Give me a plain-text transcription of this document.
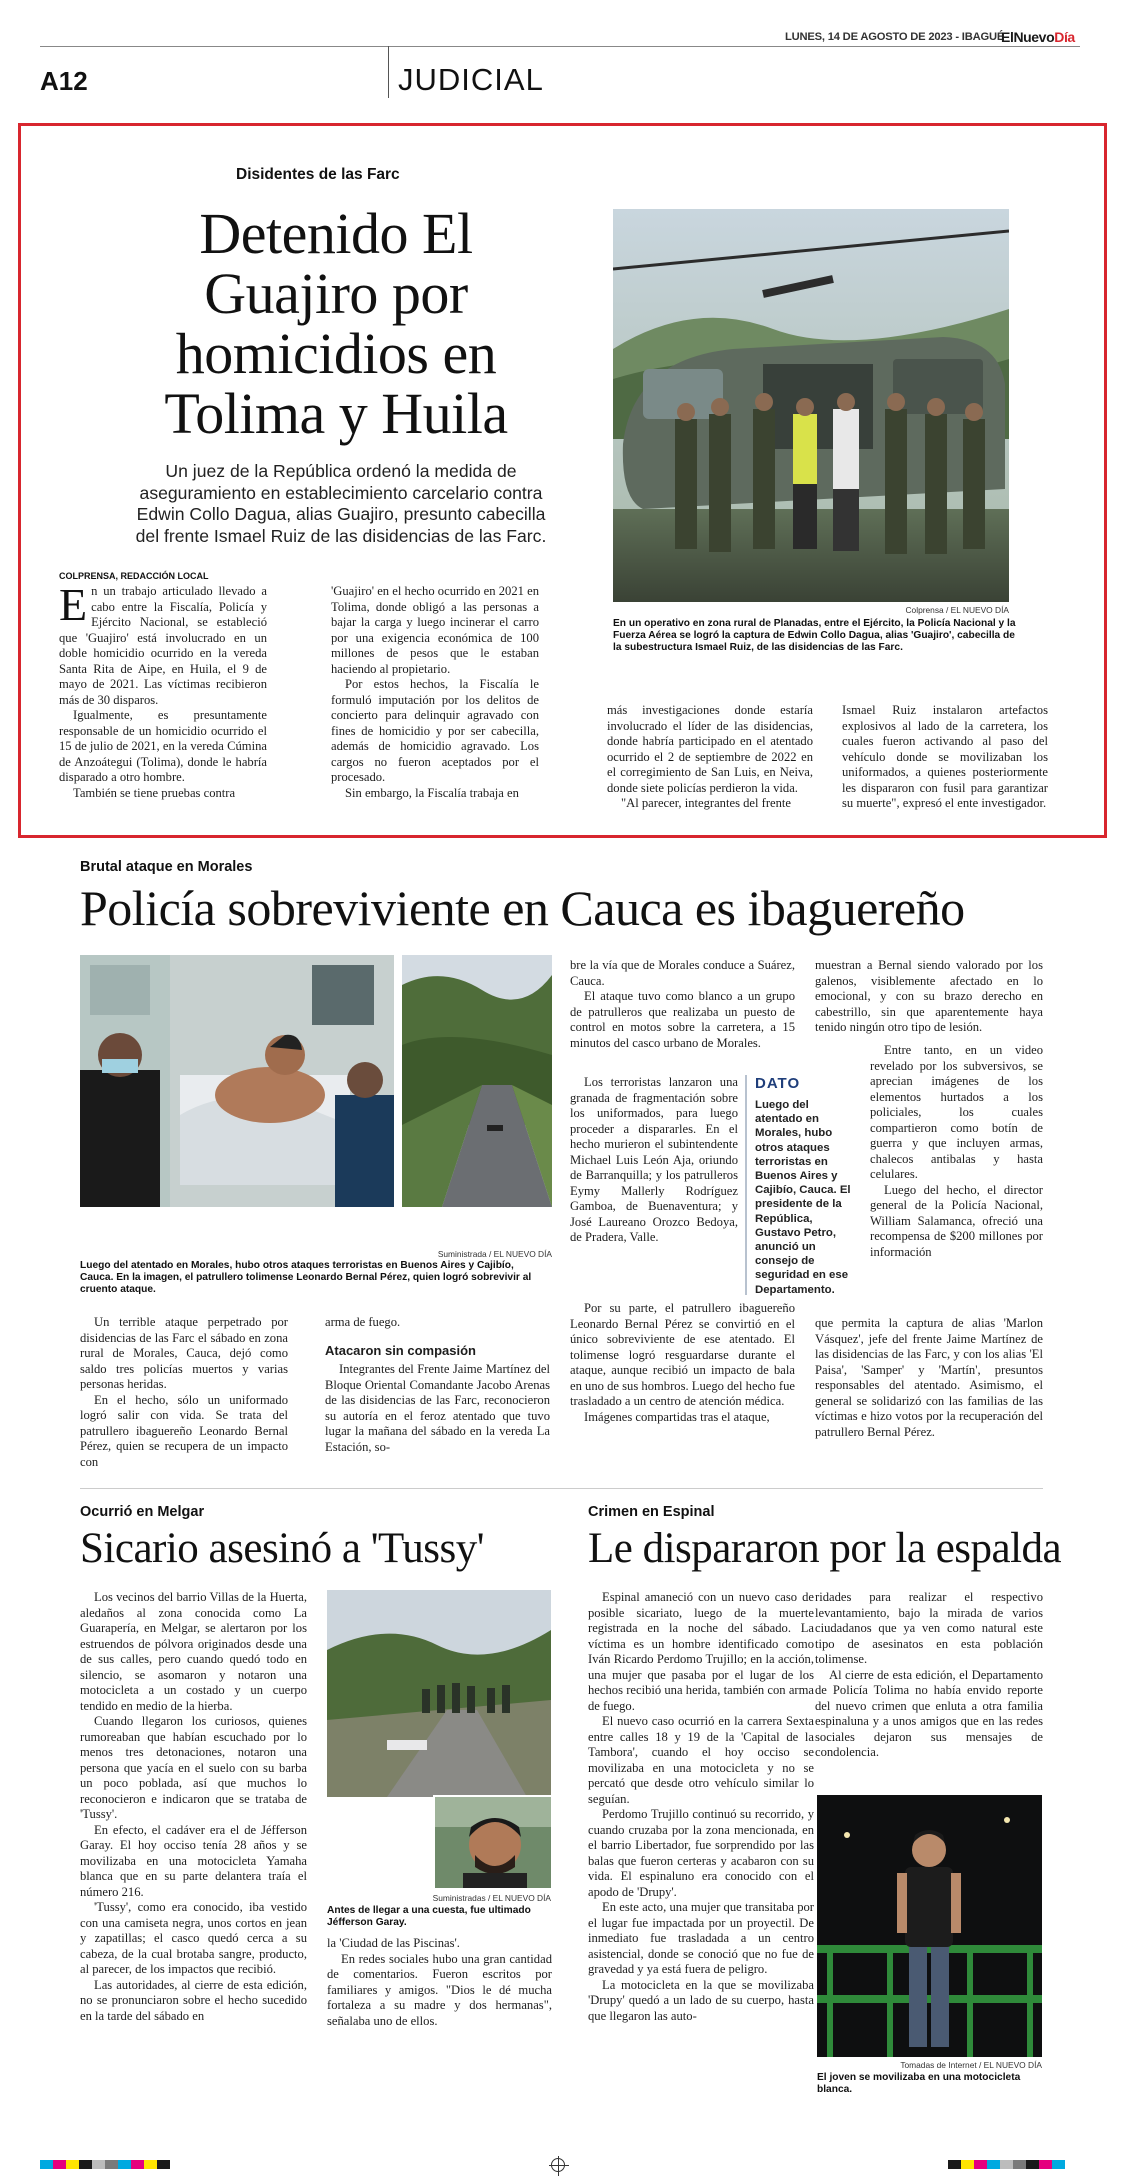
LUNES, 14 DE AGOSTO DE 2023 - IBAGUÉ
ElNuevoDía
A12	JUDICIAL
Disidentes de las Farc
Detenido El Guajiro por homicidios en Tolima y Huila
Un juez de la República ordenó la medida de aseguramiento en establecimiento carcelario contra Edwin Collo Dagua, alias Guajiro, presunto cabecilla del frente Ismael Ruiz de las disidencias de las Farc.
Colprensa / EL NUEVO DÍA
En un operativo en zona rural de Planadas, entre el Ejército, la Policía Nacional y la Fuerza Aérea se logró la captura de Edwin Collo Dagua, alias 'Guajiro', cabecilla de la subestructura Ismael Ruiz, de las disidencias de las Farc.
COLPRENSA, REDACCIÓN LOCAL

En un trabajo articulado llevado a cabo entre la Fiscalía, Policía y Ejército Nacional, se estableció que 'Guajiro' está involucrado en un doble homicidio ocurrido en la vereda Santa Rita de Aipe, en Huila, el 9 de mayo de 2021. Las víctimas recibieron más de 30 disparos.

Igualmente, es presuntamente responsable de un homicidio ocurrido el 15 de julio de 2021, en la vereda Cúmina de Anzoátegui (Tolima), donde le habría disparado a otro hombre.

También se tiene pruebas contra

'Guajiro' en el hecho ocurrido en 2021 en Tolima, donde obligó a las personas a bajar la carga y luego incinerar el carro por una exigencia económica de 100 millones de pesos que le estaban haciendo al propietario.

Por estos hechos, la Fiscalía le formuló imputación por los delitos de concierto para delinquir agravado con fines de homicidio y por ser cabecilla, además de homicidio agravado. Los cargos no fueron aceptados por el procesado.

Sin embargo, la Fiscalía trabaja en

más investigaciones donde estaría involucrado el líder de las disidencias, donde habría participado en el atentado ocurrido el 2 de septiembre de 2022 en el corregimiento de San Luis, en Neiva, donde siete policías perdieron la vida.

"Al parecer, integrantes del frente

Ismael Ruiz instalaron artefactos explosivos al lado de la carretera, los cuales fueron activando al paso del vehículo donde se movilizaban los uniformados, a quienes posteriormente les dispararon con fusil para garantizar su muerte", expresó el ente investigador.

Brutal ataque en Morales
Policía sobreviviente en Cauca es ibaguereño
Suministrada / EL NUEVO DÍA
Luego del atentado en Morales, hubo otros ataques terroristas en Buenos Aires y Cajibío, Cauca. En la imagen, el patrullero tolimense Leonardo Bernal Pérez, quien logró sobrevivir al cruento ataque.

Un terrible ataque perpetrado por disidencias de las Farc el sábado en zona rural de Morales, Cauca, dejó como saldo tres policías muertos y varias personas heridas.

En el hecho, sólo un uniformado logró salir con vida. Se trata del patrullero ibaguereño Leonardo Bernal Pérez, quien se recupera de un impacto con

arma de fuego.

Atacaron sin compasión

Integrantes del Frente Jaime Martínez del Bloque Oriental Comandante Jacobo Arenas de las disidencias de las Farc, reconocieron su autoría en el feroz atentado que tuvo lugar la mañana del sábado en la vereda La Estación, so-

bre la vía que de Morales conduce a Suárez, Cauca.

El ataque tuvo como blanco a un grupo de patrulleros que realizaba un puesto de control en motos sobre la carretera, a 15 minutos del casco urbano de Morales.

Los terroristas lanzaron una granada de fragmentación sobre los uniformados, para luego proceder a dispararles. En el hecho murieron el subintendente Michael Luis León Aja, oriundo de Barranquilla; y los patrulleros Eymy Mallerly Rodríguez Gamboa, de Buenaventura; y José Laureano Orozco Bedoya, de Pradera, Valle.

Por su parte, el patrullero ibaguereño Leonardo Bernal Pérez se convirtió en el único sobreviviente de ese atentado. El tolimense logró resguardarse durante el ataque, aunque recibió un impacto de bala en uno de sus hombros. Luego del hecho fue trasladado a un centro de atención médica.

Imágenes compartidas tras el ataque,

DATO
Luego del atentado en Morales, hubo otros ataques terroristas en Buenos Aires y Cajibío, Cauca. El presidente de la República, Gustavo Petro, anunció un consejo de seguridad en ese Departamento.

muestran a Bernal siendo valorado por los galenos, visiblemente afectado en lo emocional, y con su brazo derecho en cabestrillo, sin que aparentemente haya tenido ningún otro tipo de lesión.

Entre tanto, en un video revelado por los subversivos, se aprecian imágenes de los elementos hurtados a los policiales, los cuales compartieron como botín de guerra y que incluyen armas, chalecos antibalas y hasta celulares.

Luego del hecho, el director general de la Policía Nacional, William Salamanca, ofreció una recompensa de $200 millones por información

que permita la captura de alias 'Marlon Vásquez', jefe del frente Jaime Martínez de las disidencias de las Farc, y con los alias 'El Paisa', 'Samper' y 'Martín', presuntos responsables del atentado. Asimismo, el general se solidarizó con las familias de las víctimas e hizo votos por la recuperación del patrullero Bernal Pérez.

Ocurrió en Melgar
Sicario asesinó a 'Tussy'

Los vecinos del barrio Villas de la Huerta, aledaños al zona conocida como La Guarapería, en Melgar, se alertaron por los estruendos de pólvora originados desde una de sus calles, pero cuando quedó todo en silencio, se asomaron y notaron una motocicleta a un costado y un cuerpo tendido en medio de la hierba.

Cuando llegaron los curiosos, quienes rumoreaban que habían escuchado por lo menos tres detonaciones, notaron una persona que yacía en el suelo con su barba un poco poblada, así que muchos lo reconocieron e indicaron que se trataba de 'Tussy'.

En efecto, el cadáver era el de Jéfferson Garay. El hoy occiso tenía 28 años y se movilizaba en una motocicleta Yamaha blanca que en su parte delantera traía el número 216.

'Tussy', como era conocido, iba vestido con una camiseta negra, unos cortos en jean y zapatillas; el casco quedó cerca a su cabeza, de la cual brotaba sangre, producto, al parecer, de los impactos que recibió.

Las autoridades, al cierre de esta edición, no se pronunciaron sobre el hecho sucedido en la tarde del sábado en

Suministradas / EL NUEVO DÍA
Antes de llegar a una cuesta, fue ultimado Jéfferson Garay.

la 'Ciudad de las Piscinas'.

En redes sociales hubo una gran cantidad de comentarios. Fueron escritos por familiares y amigos. "Dios le dé mucha fortaleza a su madre y dos hermanas", señalaba uno de ellos.

Crimen en Espinal
Le dispararon por la espalda

Espinal amaneció con un nuevo caso de posible sicariato, luego de la muerte registrada en la noche del sábado. La víctima es un hombre identificado como Iván Ricardo Perdomo Trujillo; en la acción, una mujer que pasaba por el lugar de los hechos recibió una herida, también con arma de fuego.

El nuevo caso ocurrió en la carrera Sexta entre calles 18 y 19 de la 'Capital de la Tambora', cuando el hoy occiso se movilizaba en una motocicleta y no se percató que desde otro vehículo similar lo seguían.

Perdomo Trujillo continuó su recorrido, y cuando cruzaba por la zona mencionada, en el barrio Libertador, fue sorprendido por las balas que fueron certeras y acabaron con su vida. El espinaluno era conocido con el apodo de 'Drupy'.

En este acto, una mujer que transitaba por el lugar fue impactada por un proyectil. De inmediato fue trasladada a un centro asistencial, donde se conoció que no fue de gravedad y ya está fuera de peligro.

La motocicleta en la que se movilizaba 'Drupy' quedó a un lado de su cuerpo, hasta que llegaron las auto-

ridades para realizar el respectivo levantamiento, bajo la mirada de varios ciudadanos que ya ven como natural este tipo de asesinatos en esta población tolimense.

Al cierre de esta edición, el Departamento de Policía Tolima no había envido reporte del nuevo crimen que enluta a otra familia espinaluna y a unos amigos que en las redes sociales dejaron sus mensajes de condolencia.

Tomadas de Internet / EL NUEVO DÍA
El joven se movilizaba en una motocicleta blanca.
